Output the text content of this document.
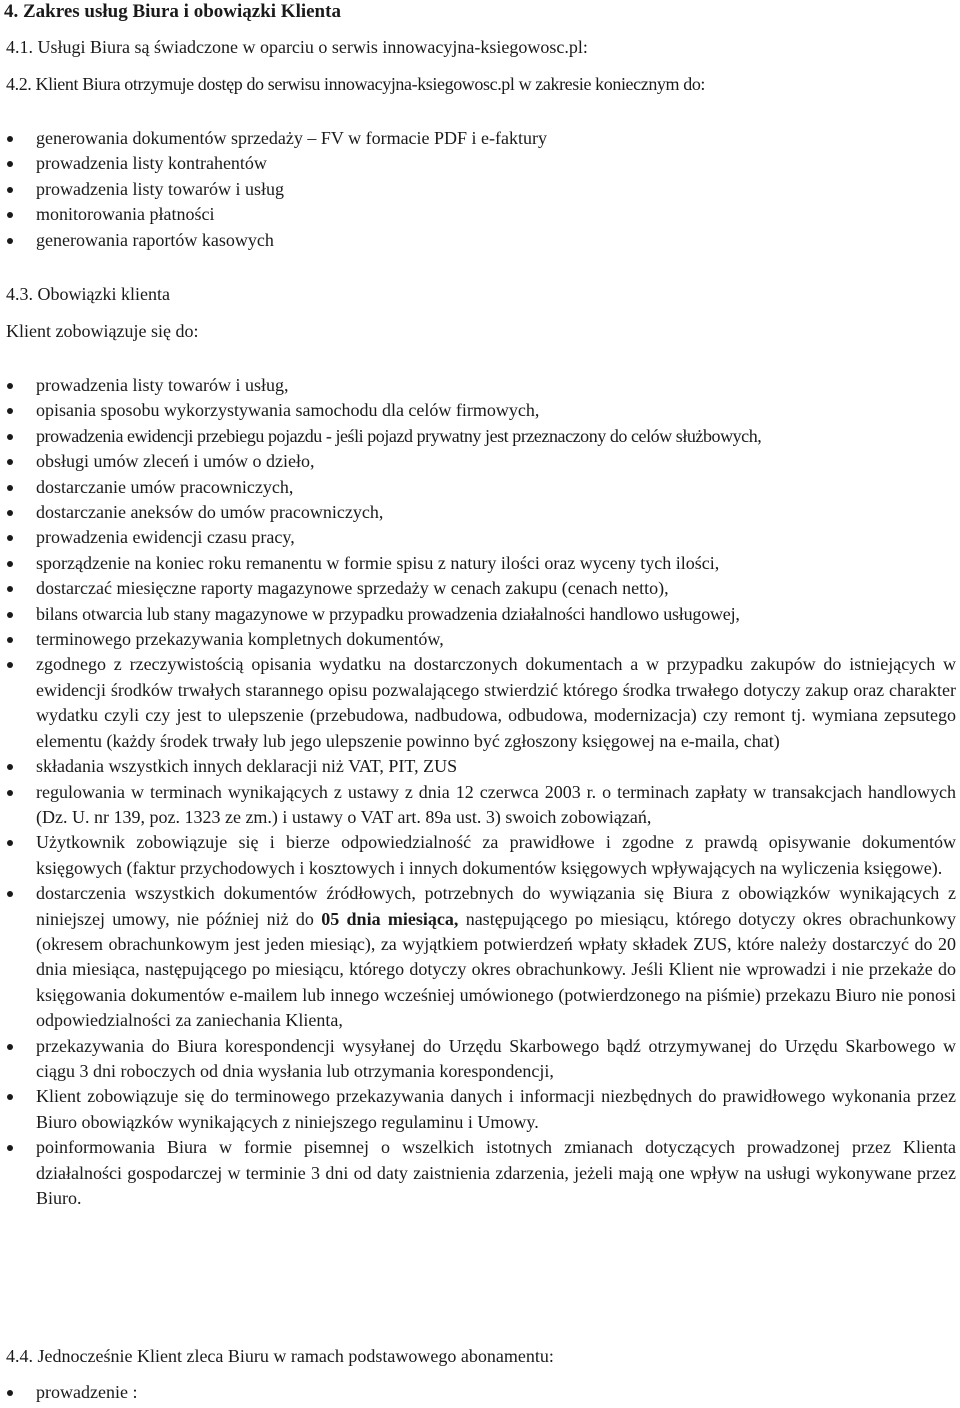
4. Zakres usług Biura i obowiązki Klienta
4.1. Usługi Biura są świadczone w oparciu o serwis innowacyjna-ksiegowosc.pl:
4.2. Klient Biura otrzymuje dostęp do serwisu innowacyjna-ksiegowosc.pl w zakresie koniecznym do:
generowania dokumentów sprzedaży – FV w formacie PDF i e-faktury
prowadzenia listy kontrahentów
prowadzenia listy towarów i usług
monitorowania płatności
generowania raportów kasowych
4.3. Obowiązki klienta
Klient zobowiązuje się do:
prowadzenia listy towarów i usług,
opisania sposobu wykorzystywania samochodu dla celów firmowych,
prowadzenia ewidencji przebiegu pojazdu - jeśli pojazd prywatny jest przeznaczony do celów służbowych,
obsługi umów zleceń i umów o dzieło,
dostarczanie umów pracowniczych,
dostarczanie aneksów do umów pracowniczych,
prowadzenia ewidencji czasu pracy,
sporządzenie na koniec roku remanentu w formie spisu z natury ilości oraz wyceny tych ilości,
dostarczać miesięczne raporty magazynowe sprzedaży w cenach zakupu (cenach netto),
bilans otwarcia lub stany magazynowe w przypadku prowadzenia działalności handlowo usługowej,
terminowego przekazywania kompletnych dokumentów,
zgodnego z rzeczywistością opisania wydatku na dostarczonych dokumentach a w przypadku zakupów do istniejących w ewidencji środków trwałych starannego opisu pozwalającego stwierdzić którego środka trwałego dotyczy zakup oraz charakter wydatku czyli czy jest to ulepszenie (przebudowa, nadbudowa, odbudowa, modernizacja) czy remont tj. wymiana zepsutego elementu (każdy środek trwały lub jego ulepszenie powinno być zgłoszony księgowej na e-maila, chat)
składania wszystkich innych deklaracji niż VAT, PIT, ZUS
regulowania w terminach wynikających z ustawy z dnia 12 czerwca 2003 r. o terminach zapłaty w transakcjach handlowych (Dz. U. nr 139, poz. 1323 ze zm.) i ustawy o VAT art. 89a ust. 3) swoich zobowiązań,
Użytkownik zobowiązuje się i bierze odpowiedzialność za prawidłowe i zgodne z prawdą opisywanie dokumentów księgowych (faktur przychodowych i kosztowych i innych dokumentów księgowych wpływających na wyliczenia księgowe).
dostarczenia wszystkich dokumentów źródłowych, potrzebnych do wywiązania się Biura z obowiązków wynikających z niniejszej umowy, nie później niż do 05 dnia miesiąca, następującego po miesiącu, którego dotyczy okres obrachunkowy (okresem obrachunkowym jest jeden miesiąc), za wyjątkiem potwierdzeń wpłaty składek ZUS, które należy dostarczyć do 20 dnia miesiąca, następującego po miesiącu, którego dotyczy okres obrachunkowy. Jeśli Klient nie wprowadzi i nie przekaże do księgowania dokumentów e-mailem lub innego wcześniej umówionego (potwierdzonego na piśmie) przekazu Biuro nie ponosi odpowiedzialności za zaniechania Klienta,
przekazywania do Biura korespondencji wysyłanej do Urzędu Skarbowego bądź otrzymywanej do Urzędu Skarbowego w ciągu 3 dni roboczych od dnia wysłania lub otrzymania korespondencji,
Klient zobowiązuje się do terminowego przekazywania danych i informacji niezbędnych do prawidłowego wykonania przez Biuro obowiązków wynikających z niniejszego regulaminu i Umowy.
poinformowania Biura w formie pisemnej o wszelkich istotnych zmianach dotyczących prowadzonej przez Klienta działalności gospodarczej w terminie 3 dni od daty zaistnienia zdarzenia, jeżeli mają one wpływ na usługi wykonywane przez Biuro.
4.4. Jednocześnie Klient zleca Biuru w ramach podstawowego abonamentu:
prowadzenie :
